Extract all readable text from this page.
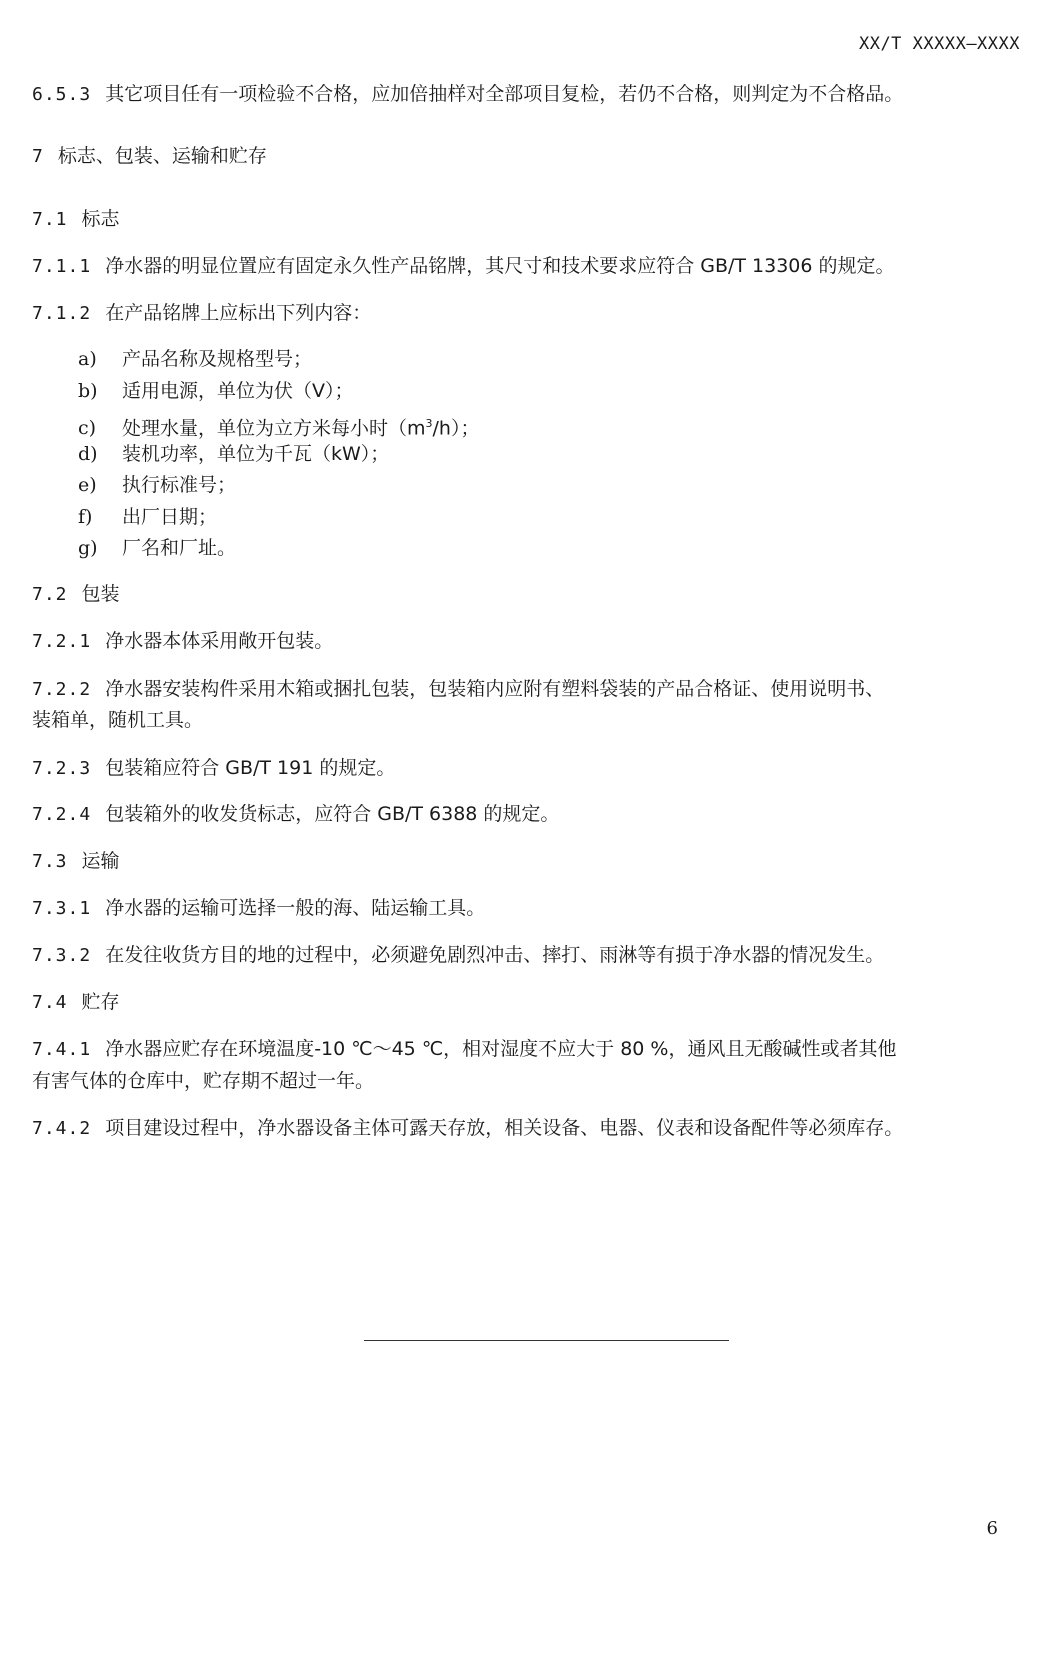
XX/T XXXXX—XXXX
6.5.3 其它项目任有一项检验不合格，应加倍抽样对全部项目复检，若仍不合格，则判定为不合格品。
7 标志、包装、运输和贮存
7.1 标志
7.1.1 净水器的明显位置应有固定永久性产品铭牌，其尺寸和技术要求应符合 GB/T 13306 的规定。
7.1.2 在产品铭牌上应标出下列内容：
a) 产品名称及规格型号；
b) 适用电源，单位为伏（V）；
c) 处理水量，单位为立方米每小时$(m^3/h)$；
d) 装机功率，单位为千瓦（kW）；
e) 执行标准号；
f) 出厂日期；
g) 厂名和厂址。
7.2 包装
7.2.1 净水器本体采用敞开包装。
7.2.2 净水器安装构件采用木箱或捆扎包装，包装箱内应附有塑料袋装的产品合格证、使用说明书、
装箱单，随机工具。
7.2.3 包装箱应符合 GB/T 191 的规定。
7.2.4 包装箱外的收发货标志，应符合 GB/T 6388 的规定。
7.3 运输
7.3.1 净水器的运输可选择一般的海、陆运输工具。
7.3.2 在发往收货方目的地的过程中，必须避免剧烈冲击、摔打、雨淋等有损于净水器的情况发生。
7.4 贮存
7.4.1 净水器应贮存在环境温度-10 ℃～45 ℃，相对湿度不应大于 80 %，通风且无酸碱性或者其他
有害气体的仓库中，贮存期不超过一年。
7.4.2 项目建设过程中，净水器设备主体可露天存放，相关设备、电器、仪表和设备配件等必须库存。
6
